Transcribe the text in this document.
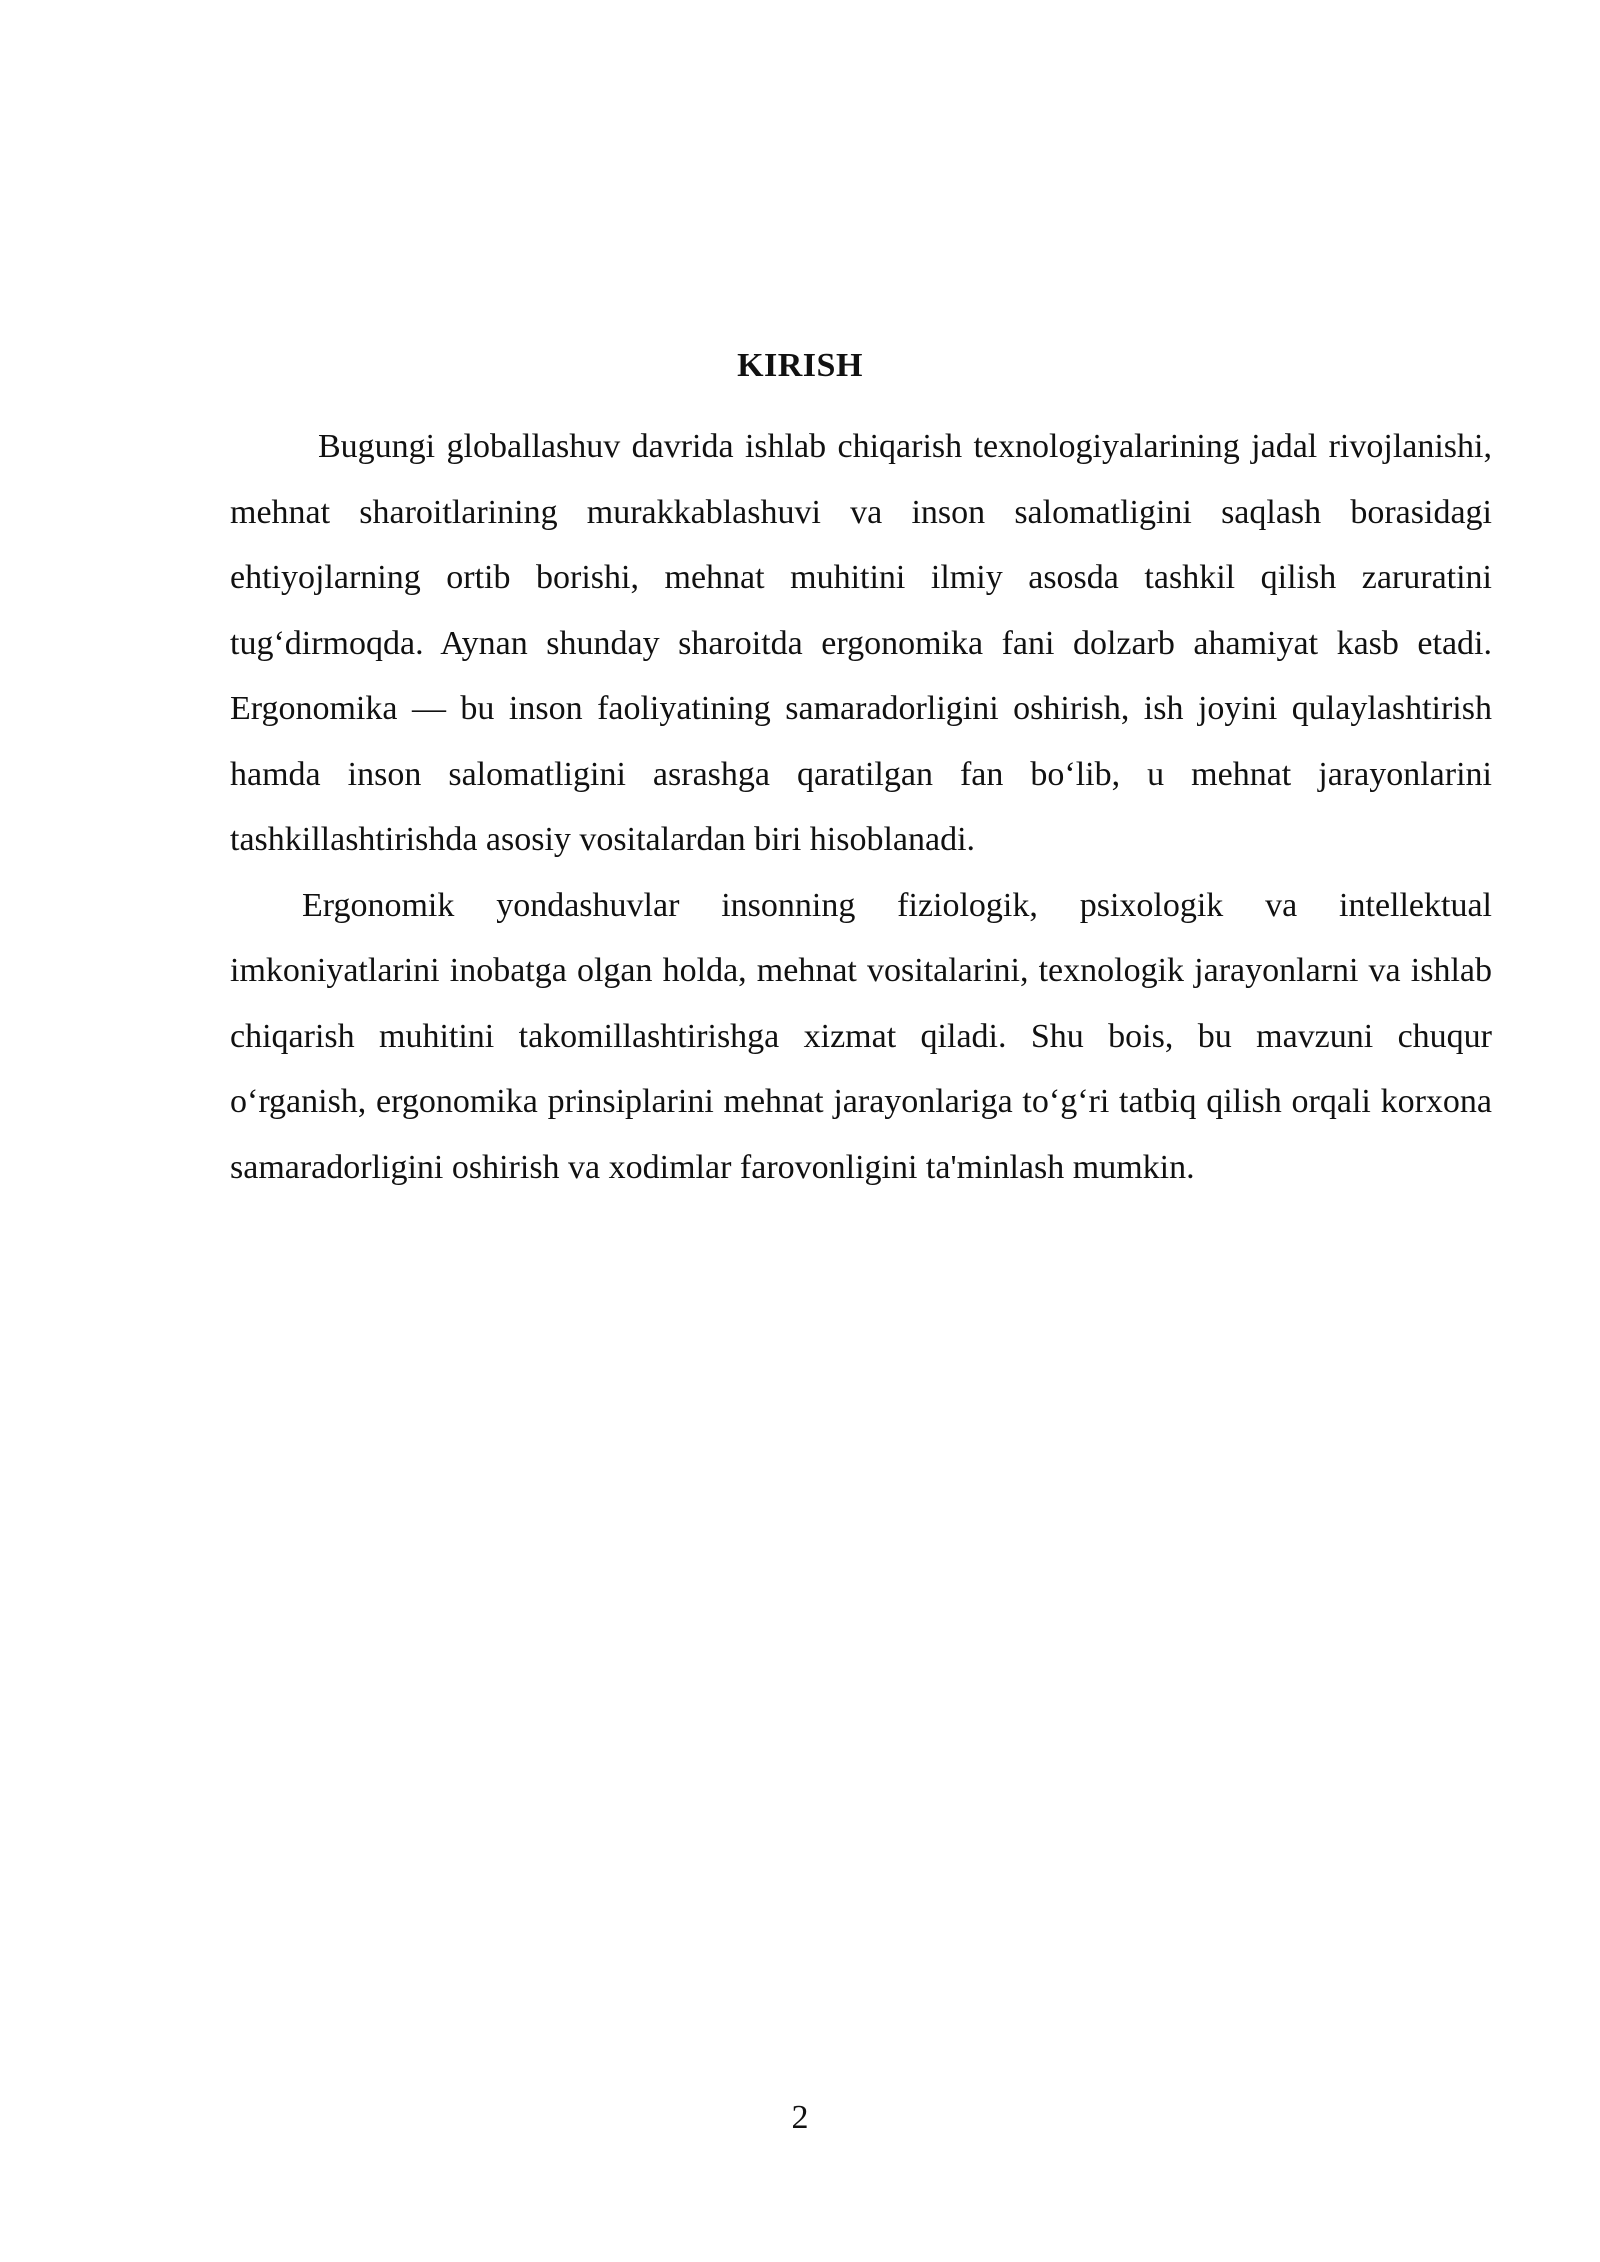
KIRISH

Bugungi globallashuv davrida ishlab chiqarish texnologiyalarining jadal rivojlanishi, mehnat sharoitlarining murakkablashuvi va inson salomatligini saqlash borasidagi ehtiyojlarning ortib borishi, mehnat muhitini ilmiy asosda tashkil qilish zaruratini tug‘dirmoqda. Aynan shunday sharoitda ergonomika fani dolzarb ahamiyat kasb etadi. Ergonomika — bu inson faoliyatining samaradorligini oshirish, ish joyini qulaylashtirish hamda inson salomatligini asrashga qaratilgan fan bo‘lib, u mehnat jarayonlarini tashkillashtirishda asosiy vositalardan biri hisoblanadi.

Ergonomik yondashuvlar insonning fiziologik, psixologik va intellektual imkoniyatlarini inobatga olgan holda, mehnat vositalarini, texnologik jarayonlarni va ishlab chiqarish muhitini takomillashtirishga xizmat qiladi. Shu bois, bu mavzuni chuqur o‘rganish, ergonomika prinsiplarini mehnat jarayonlariga to‘g‘ri tatbiq qilish orqali korxona samaradorligini oshirish va xodimlar farovonligini ta'minlash mumkin.

2
